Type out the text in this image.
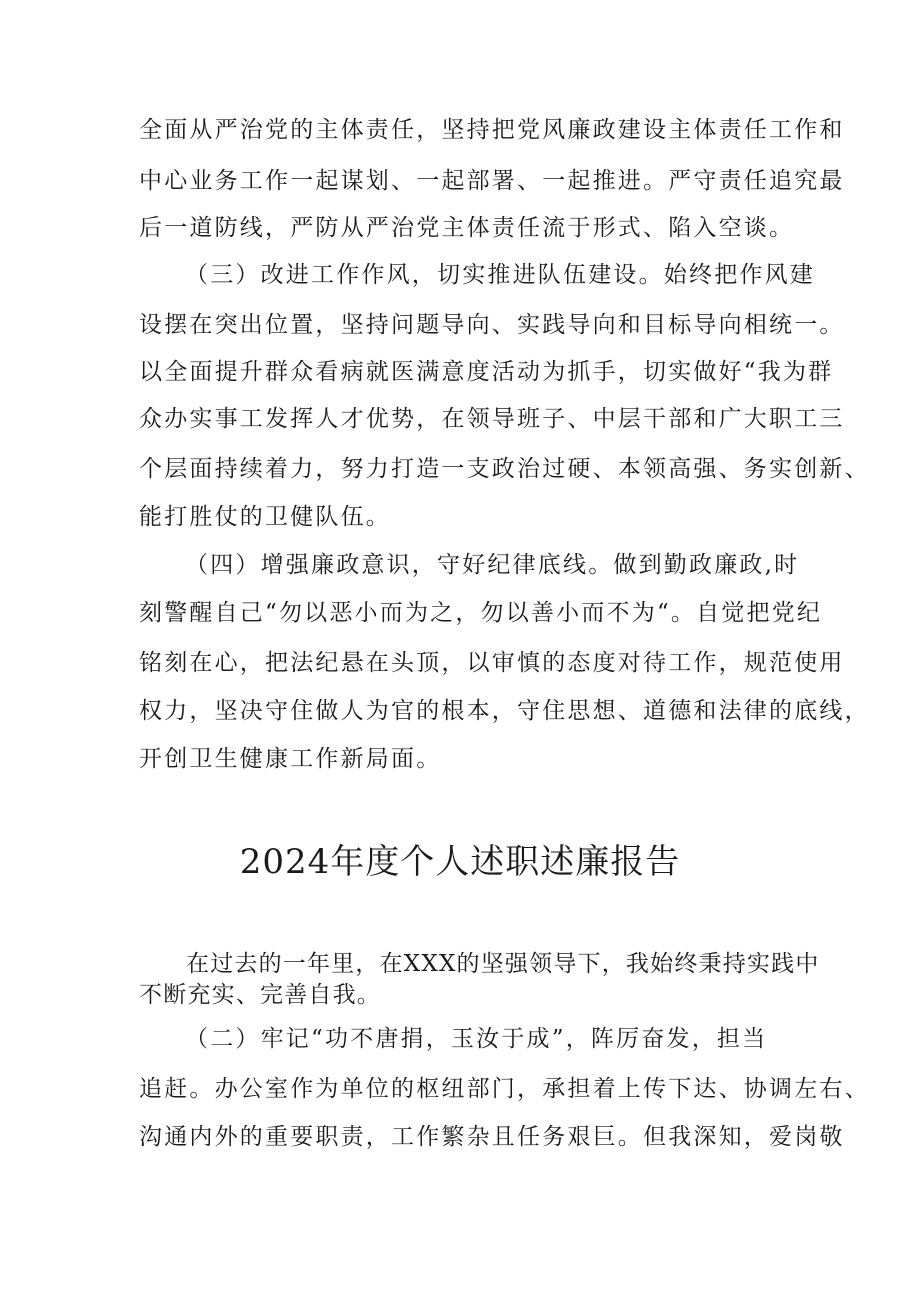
全面从严治党的主体责任，坚持把党风廉政建设主体责任工作和
中心业务工作一起谋划、一起部署、一起推进。严守责任追究最
后一道防线，严防从严治党主体责任流于形式、陷入空谈。
（三）改进工作作风，切实推进队伍建设。始终把作风建
设摆在突出位置，坚持问题导向、实践导向和目标导向相统一。
以全面提升群众看病就医满意度活动为抓手，切实做好“我为群
众办实事工发挥人才优势，在领导班子、中层干部和广大职工三
个层面持续着力，努力打造一支政治过硬、本领高强、务实创新、
能打胜仗的卫健队伍。
（四）增强廉政意识，守好纪律底线。做到勤政廉政,时
刻警醒自己“勿以恶小而为之，勿以善小而不为“。自觉把党纪
铭刻在心，把法纪悬在头顶，以审慎的态度对待工作，规范使用
权力，坚决守住做人为官的根本，守住思想、道德和法律的底线，
开创卫生健康工作新局面。
2024年度个人述职述廉报告
在过去的一年里，在XXX的坚强领导下，我始终秉持实践中
不断充实、完善自我。
（二）牢记“功不唐捐，玉汝于成”，阵厉奋发，担当
追赶。办公室作为单位的枢纽部门，承担着上传下达、协调左右、
沟通内外的重要职责，工作繁杂且任务艰巨。但我深知，爱岗敬
